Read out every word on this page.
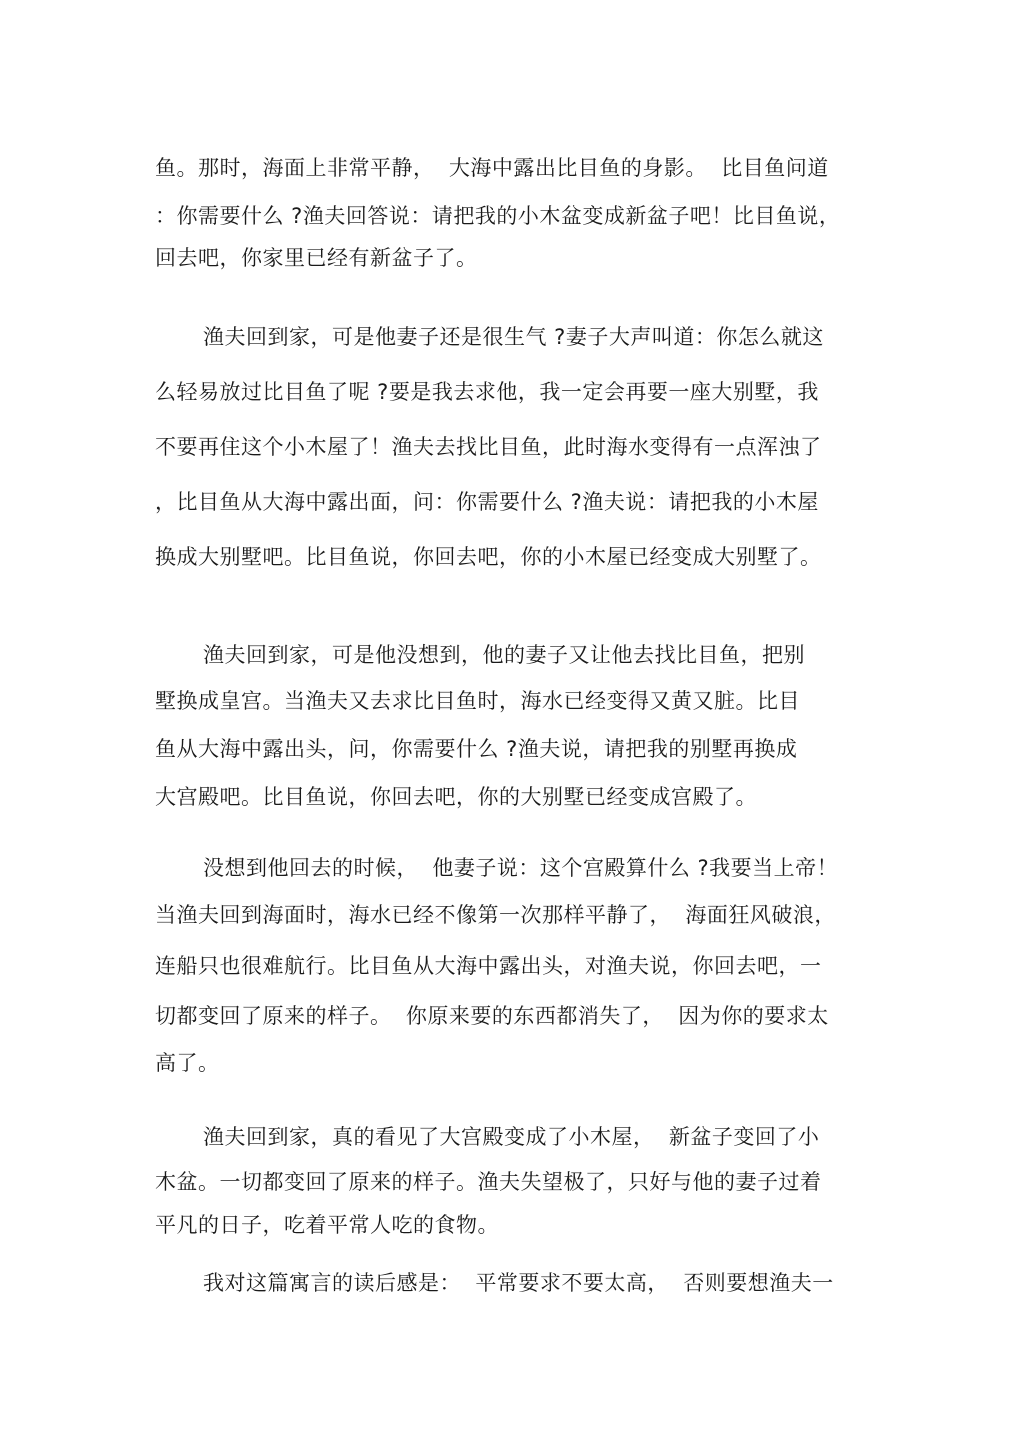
鱼。那时，海面上非常平静，  大海中露出比目鱼的身影。  比目鱼问道
：你需要什么 ?渔夫回答说：请把我的小木盆变成新盆子吧！比目鱼说，
回去吧，你家里已经有新盆子了。
渔夫回到家，可是他妻子还是很生气 ?妻子大声叫道：你怎么就这
么轻易放过比目鱼了呢 ?要是我去求他，我一定会再要一座大别墅，我
不要再住这个小木屋了！渔夫去找比目鱼，此时海水变得有一点浑浊了
，比目鱼从大海中露出面，问：你需要什么 ?渔夫说：请把我的小木屋
换成大别墅吧。比目鱼说，你回去吧，你的小木屋已经变成大别墅了。
渔夫回到家，可是他没想到，他的妻子又让他去找比目鱼，把别
墅换成皇宫。当渔夫又去求比目鱼时，海水已经变得又黄又脏。比目
鱼从大海中露出头，问，你需要什么 ?渔夫说，请把我的别墅再换成
大宫殿吧。比目鱼说，你回去吧，你的大别墅已经变成宫殿了。
没想到他回去的时候，  他妻子说：这个宫殿算什么 ?我要当上帝！
当渔夫回到海面时，海水已经不像第一次那样平静了，  海面狂风破浪，
连船只也很难航行。比目鱼从大海中露出头，对渔夫说，你回去吧，一
切都变回了原来的样子。  你原来要的东西都消失了，  因为你的要求太
高了。
渔夫回到家，真的看见了大宫殿变成了小木屋，  新盆子变回了小
木盆。一切都变回了原来的样子。渔夫失望极了，只好与他的妻子过着
平凡的日子，吃着平常人吃的食物。
我对这篇寓言的读后感是：  平常要求不要太高，  否则要想渔夫一
